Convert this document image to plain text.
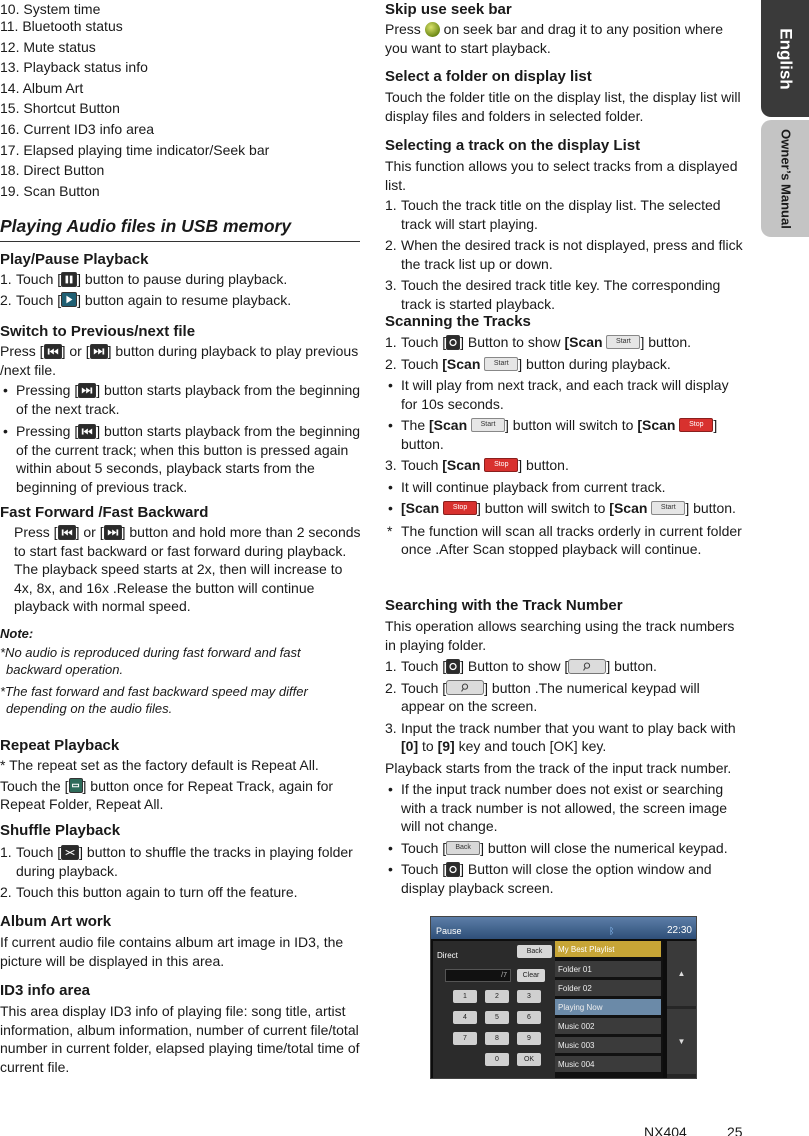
10. System time

11. Bluetooth status

12. Mute status

13. Playback status info

14. Album Art

15. Shortcut Button

16. Current ID3 info area

17. Elapsed playing time indicator/Seek bar

18. Direct Button

19. Scan Button

Playing Audio files in USB memory

Play/Pause Playback

1. Touch [ ] button to pause during playback.

2. Touch [ ] button again to resume playback.

Switch to Previous/next file

Press [ ] or [ ] button during playback to play previous /next file.

• Pressing [ ] button starts playback from the beginning of the next track.

• Pressing [ ] button starts playback from the beginning of the current track; when this button is pressed again within about 5 seconds, playback starts from the beginning of previous track.

Fast Forward /Fast Backward

Press [ ] or [ ] button and hold more than 2 seconds to start fast backward or fast forward during playback. The playback speed starts at 2x, then will increase to 4x, 8x, and 16x .Release the button will continue playback with normal speed.

Note:

*No audio is reproduced during fast forward and fast backward operation.

*The fast forward and fast backward speed may differ depending on the audio files.

Repeat Playback

* The repeat set as the factory default is Repeat All.

Touch the [ ] button once for Repeat Track, again for Repeat Folder, Repeat All.

Shuffle Playback

1. Touch [ ] button to shuffle the tracks in playing folder during playback.

2. Touch this button again to turn off the feature.

Album Art work

If current audio file contains album art image in ID3, the picture will be displayed in this area.

ID3 info area

This area display ID3 info of playing file: song title, artist information, album information, number of current file/total number in current folder, elapsed playing time/total time of current file.

Skip use seek bar

Press  on seek bar and drag it to any position where you want to start playback.

Select a folder on display list

Touch the folder title on the display list, the display list will display files and folders in selected folder.

Selecting a track on the display List

This function allows you to select tracks from a displayed list.

1. Touch the track title on the display list. The selected track will start playing.

2. When the desired track is not displayed, press and flick the track list up or down.

3. Touch the desired track title key. The corresponding track is started playback.

Scanning the Tracks

1. Touch [ ] Button to show [Scan Start ] button.

2. Touch [Scan Start ] button during playback.

• It will play from next track, and each track will display for 10s seconds.

• The [Scan Start ] button will switch to [Scan Stop ] button.

3. Touch [Scan Stop ] button.

• It will continue playback from current track.

• [Scan Stop ] button will switch to [Scan Start ] button.

* The function will scan all tracks orderly in current folder once .After Scan stopped playback will continue.

Searching with the Track Number

This operation allows searching using the track numbers in playing folder.

1. Touch [ ] Button to show [	] button.

2. Touch [	] button .The numerical keypad will appear on the screen.

3. Input the track number that you want to play back with [0] to [9] key and touch [OK] key.

Playback starts from the track of the input track number.

• If the input track number does not exist or searching with a track number is not allowed, the screen image will not change.

• Touch [ Back ] button will close the numerical keypad.

• Touch [ ] Button will close the option window and display playback screen.

Pause	ᛒ	22:30
Direct	Back
/7	Clear
1	2	3
4	5	6
7	8	9
0	OK
My Best Playlist
Folder 01
Folder 02
Playing Now
Music 002
Music 003
Music 004
▲
▼
English
Owner’s Manual
NX404	25
